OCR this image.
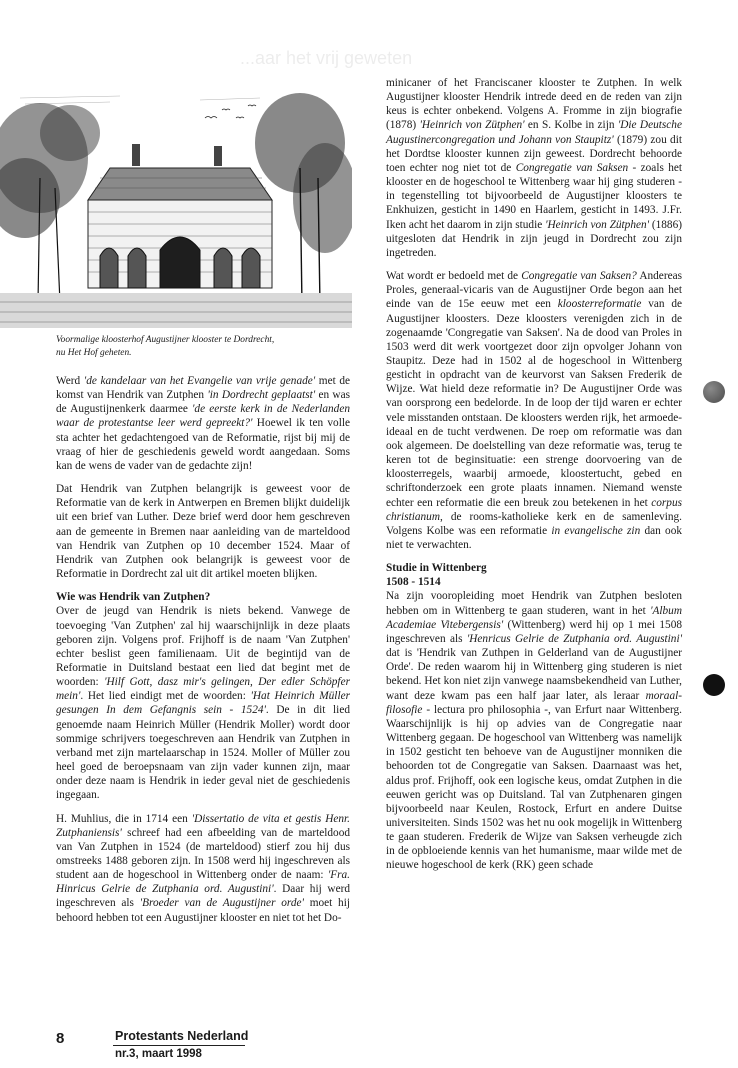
...aar het vrij geweten
Voormalige kloosterhof Augustijner klooster te Dordrecht,
nu Het Hof geheten.

Werd 'de kandelaar van het Evangelie van vrije genade' met de komst van Hendrik van Zutphen 'in Dordrecht geplaatst' en was de Augustijnenkerk daarmee 'de eerste kerk in de Nederlanden waar de protestantse leer werd gepreekt?' Hoewel ik ten volle sta achter het gedachtengoed van de Reformatie, rijst bij mij de vraag of hier de geschiedenis geweld wordt aangedaan. Soms kan de wens de vader van de gedachte zijn!

Dat Hendrik van Zutphen belangrijk is geweest voor de Reformatie van de kerk in Antwerpen en Bremen blijkt duidelijk uit een brief van Luther. Deze brief werd door hem geschreven aan de gemeente in Bremen naar aanleiding van de marteldood van Hendrik van Zutphen op 10 december 1524. Maar of Hendrik van Zutphen ook belangrijk is geweest voor de Reformatie in Dordrecht zal uit dit artikel moeten blijken.

Wie was Hendrik van Zutphen?

Over de jeugd van Hendrik is niets bekend. Vanwege de toevoeging 'Van Zutphen' zal hij waarschijnlijk in deze plaats geboren zijn. Volgens prof. Frijhoff is de naam 'Van Zutphen' echter beslist geen familienaam. Uit de begintijd van de Reformatie in Duitsland bestaat een lied dat begint met de woorden: 'Hilf Gott, dasz mir's gelingen, Der edler Schöpfer mein'. Het lied eindigt met de woorden: 'Hat Heinrich Müller gesungen In dem Gefangnis sein - 1524'. De in dit lied genoemde naam Heinrich Müller (Hendrik Moller) wordt door sommige schrijvers toegeschreven aan Hendrik van Zutphen in verband met zijn martelaarschap in 1524. Moller of Müller zou heel goed de beroepsnaam van zijn vader kunnen zijn, maar onder deze naam is Hendrik in ieder geval niet de geschiedenis ingegaan.

H. Muhlius, die in 1714 een 'Dissertatio de vita et gestis Henr. Zutphaniensis' schreef had een afbeelding van de marteldood van Van Zutphen in 1524 (de marteldood) stierf zou hij dus omstreeks 1488 geboren zijn. In 1508 werd hij ingeschreven als student aan de hogeschool in Wittenberg onder de naam: 'Fra. Hinricus Gelrie de Zutphania ord. Augustini'. Daar hij werd ingeschreven als 'Broeder van de Augustijner orde' moet hij behoord hebben tot een Augustijner klooster en niet tot het Do-

minicaner of het Franciscaner klooster te Zutphen. In welk Augustijner klooster Hendrik intrede deed en de reden van zijn keus is echter onbekend. Volgens A. Fromme in zijn biografie (1878) 'Heinrich von Zütphen' en S. Kolbe in zijn 'Die Deutsche Augustinercongregation und Johann von Staupitz' (1879) zou dit het Dordtse klooster kunnen zijn geweest. Dordrecht behoorde toen echter nog niet tot de Congregatie van Saksen - zoals het klooster en de hogeschool te Wittenberg waar hij ging studeren - in tegenstelling tot bijvoorbeeld de Augustijner kloosters te Enkhuizen, gesticht in 1490 en Haarlem, gesticht in 1493. J.Fr. Iken acht het daarom in zijn studie 'Heinrich von Zütphen' (1886) uitgesloten dat Hendrik in zijn jeugd in Dordrecht zou zijn ingetreden.

Wat wordt er bedoeld met de Congregatie van Saksen? Andereas Proles, generaal-vicaris van de Augustijner Orde begon aan het einde van de 15e eeuw met een kloosterreformatie van de Augustijner kloosters. Deze kloosters verenigden zich in de zogenaamde 'Congregatie van Saksen'. Na de dood van Proles in 1503 werd dit werk voortgezet door zijn opvolger Johann von Staupitz. Deze had in 1502 al de hogeschool in Wittenberg gesticht in opdracht van de keurvorst van Saksen Frederik de Wijze. Wat hield deze reformatie in? De Augustijner Orde was van oorsprong een bedelorde. In de loop der tijd waren er echter vele misstanden ontstaan. De kloosters werden rijk, het armoede-ideaal en de tucht verdwenen. De roep om reformatie was dan ook algemeen. De doelstelling van deze reformatie was, terug te keren tot de beginsituatie: een strenge doorvoering van de kloosterregels, waarbij armoede, kloostertucht, gebed en schriftonderzoek een grote plaats innamen. Niemand wenste echter een reformatie die een breuk zou betekenen in het corpus christianum, de rooms-katholieke kerk en de samenleving. Volgens Kolbe was een reformatie in evangelische zin dan ook niet te verwachten.

Studie in Wittenberg

1508 - 1514

Na zijn vooropleiding moet Hendrik van Zutphen besloten hebben om in Wittenberg te gaan studeren, want in het 'Album Academiae Vitebergensis' (Wittenberg) werd hij op 1 mei 1508 ingeschreven als 'Henricus Gelrie de Zutphania ord. Augustini' dat is 'Hendrik van Zuthpen in Gelderland van de Augustijner Orde'. De reden waarom hij in Wittenberg ging studeren is niet bekend. Het kon niet zijn vanwege naamsbekendheid van Luther, want deze kwam pas een half jaar later, als leraar moraal-filosofie - lectura pro philosophia -, van Erfurt naar Wittenberg. Waarschijnlijk is hij op advies van de Congregatie naar Wittenberg gegaan. De hogeschool van Wittenberg was namelijk in 1502 gesticht ten behoeve van de Augustijner monniken die behoorden tot de Congregatie van Saksen. Daarnaast was het, aldus prof. Frijhoff, ook een logische keus, omdat Zutphen in die eeuwen gericht was op Duitsland. Tal van Zutphenaren gingen bijvoorbeeld naar Keulen, Rostock, Erfurt en andere Duitse universiteiten. Sinds 1502 was het nu ook mogelijk in Wittenberg te gaan studeren. Frederik de Wijze van Saksen verheugde zich in de opbloeiende kennis van het humanisme, maar wilde met de nieuwe hogeschool de kerk (RK) geen schade

8	Protestants Nederland
nr.3, maart 1998
